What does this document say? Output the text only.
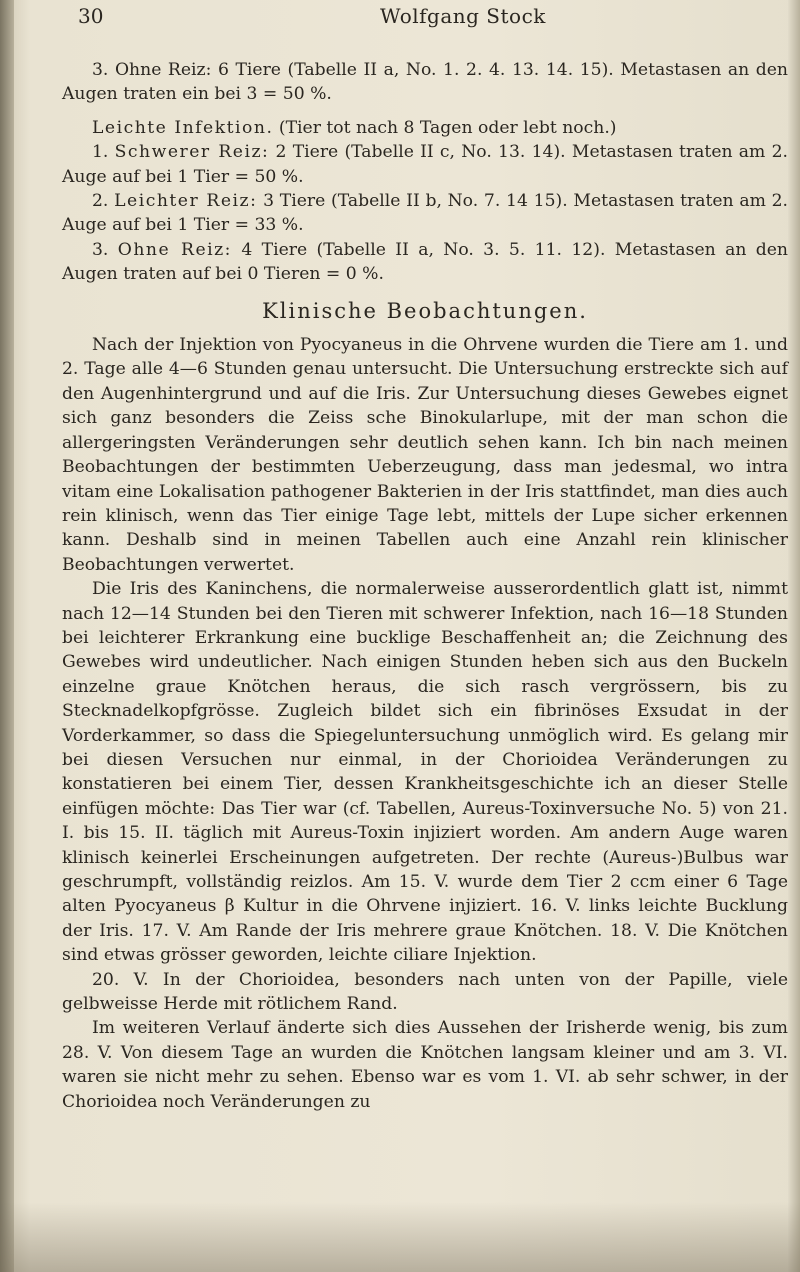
30	Wolfgang Stock

3. Ohne Reiz: 6 Tiere (Tabelle II a, No. 1. 2. 4. 13. 14. 15). Metastasen an den Augen traten ein bei 3 = 50 %.

Leichte Infektion. (Tier tot nach 8 Tagen oder lebt noch.)

1. Schwerer Reiz: 2 Tiere (Tabelle II c, No. 13. 14). Metastasen traten am 2. Auge auf bei 1 Tier = 50 %.

2. Leichter Reiz: 3 Tiere (Tabelle II b, No. 7. 14 15). Metastasen traten am 2. Auge auf bei 1 Tier = 33 %.

3. Ohne Reiz: 4 Tiere (Tabelle II a, No. 3. 5. 11. 12). Metastasen an den Augen traten auf bei 0 Tieren = 0 %.

Klinische Beobachtungen.

Nach der Injektion von Pyocyaneus in die Ohrvene wurden die Tiere am 1. und 2. Tage alle 4—6 Stunden genau untersucht. Die Untersuchung erstreckte sich auf den Augenhintergrund und auf die Iris. Zur Untersuchung dieses Gewebes eignet sich ganz besonders die Zeiss sche Binokularlupe, mit der man schon die allergeringsten Veränderungen sehr deutlich sehen kann. Ich bin nach meinen Beobachtungen der bestimmten Ueberzeugung, dass man jedesmal, wo intra vitam eine Lokalisation pathogener Bakterien in der Iris stattfindet, man dies auch rein klinisch, wenn das Tier einige Tage lebt, mittels der Lupe sicher erkennen kann. Deshalb sind in meinen Tabellen auch eine Anzahl rein klinischer Beobachtungen verwertet.

Die Iris des Kaninchens, die normalerweise ausserordentlich glatt ist, nimmt nach 12—14 Stunden bei den Tieren mit schwerer Infektion, nach 16—18 Stunden bei leichterer Erkrankung eine bucklige Beschaffenheit an; die Zeichnung des Gewebes wird undeutlicher. Nach einigen Stunden heben sich aus den Buckeln einzelne graue Knötchen heraus, die sich rasch vergrössern, bis zu Stecknadelkopfgrösse. Zugleich bildet sich ein fibrinöses Exsudat in der Vorderkammer, so dass die Spiegeluntersuchung unmöglich wird. Es gelang mir bei diesen Versuchen nur einmal, in der Chorioidea Veränderungen zu konstatieren bei einem Tier, dessen Krankheitsgeschichte ich an dieser Stelle einfügen möchte: Das Tier war (cf. Tabellen, Aureus-Toxinversuche No. 5) von 21. I. bis 15. II. täglich mit Aureus-Toxin injiziert worden. Am andern Auge waren klinisch keinerlei Erscheinungen aufgetreten. Der rechte (Aureus-)Bulbus war geschrumpft, vollständig reizlos. Am 15. V. wurde dem Tier 2 ccm einer 6 Tage alten Pyocyaneus β Kultur in die Ohrvene injiziert. 16. V. links leichte Bucklung der Iris. 17. V. Am Rande der Iris mehrere graue Knötchen. 18. V. Die Knötchen sind etwas grösser geworden, leichte ciliare Injektion.

20. V. In der Chorioidea, besonders nach unten von der Papille, viele gelbweisse Herde mit rötlichem Rand.

Im weiteren Verlauf änderte sich dies Aussehen der Irisherde wenig, bis zum 28. V. Von diesem Tage an wurden die Knötchen langsam kleiner und am 3. VI. waren sie nicht mehr zu sehen. Ebenso war es vom 1. VI. ab sehr schwer, in der Chorioidea noch Veränderungen zu
